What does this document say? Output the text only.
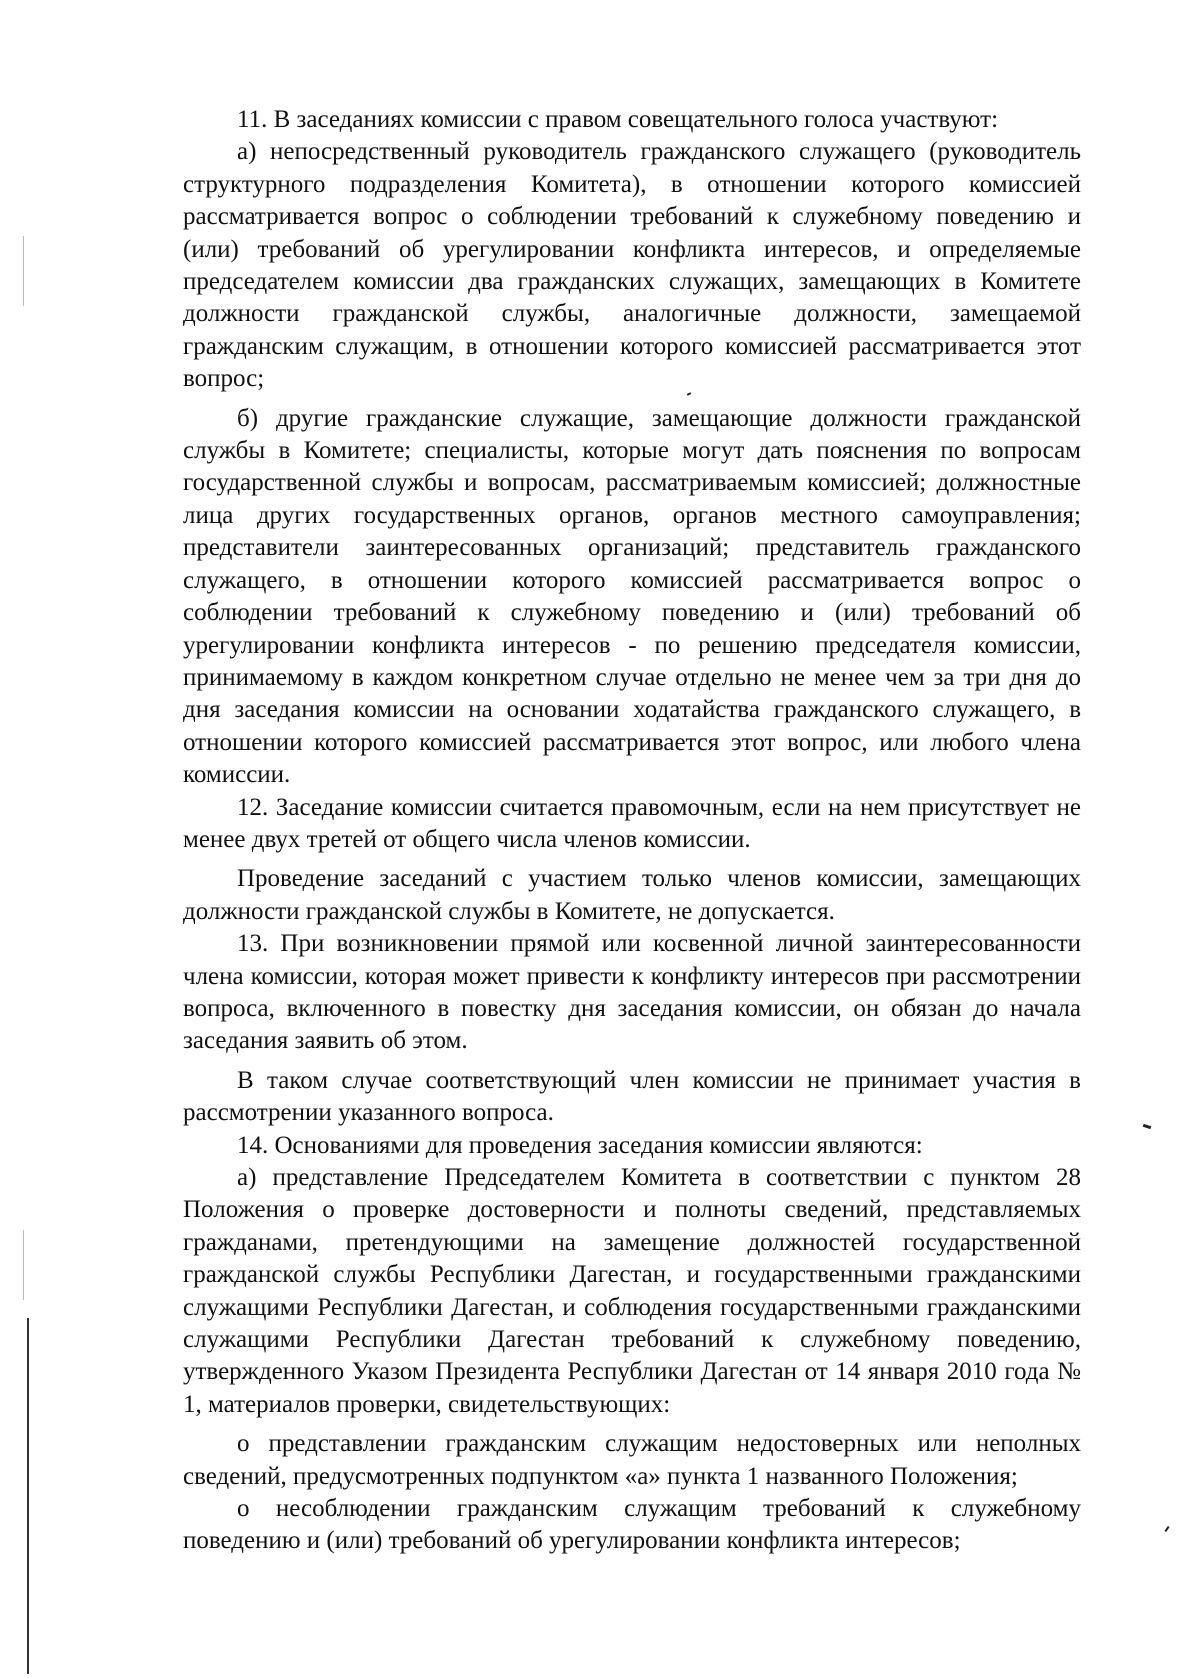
11. В заседаниях комиссии с правом совещательного голоса участвуют:

а) непосредственный руководитель гражданского служащего (руководитель структурного подразделения Комитета), в отношении которого комиссией рассматривается вопрос о соблюдении требований к служебному поведению и (или) требований об урегулировании конфликта интересов, и определяемые председателем комиссии два гражданских служащих, замещающих в Комитете должности гражданской службы, аналогичные должности, замещаемой гражданским служащим, в отношении которого комиссией рассматривается этот вопрос;

б) другие гражданские служащие, замещающие должности гражданской службы в Комитете; специалисты, которые могут дать пояснения по вопросам государственной службы и вопросам, рассматриваемым комиссией; должностные лица других государственных органов, органов местного самоуправления; представители заинтересованных организаций; представитель гражданского служащего, в отношении которого комиссией рассматривается вопрос о соблюдении требований к служебному поведению и (или) требований об урегулировании конфликта интересов - по решению председателя комиссии, принимаемому в каждом конкретном случае отдельно не менее чем за три дня до дня заседания комиссии на основании ходатайства гражданского служащего, в отношении которого комиссией рассматривается этот вопрос, или любого члена комиссии.

12. Заседание комиссии считается правомочным, если на нем присутствует не менее двух третей от общего числа членов комиссии.

Проведение заседаний с участием только членов комиссии, замещающих должности гражданской службы в Комитете, не допускается.

13. При возникновении прямой или косвенной личной заинтересованности члена комиссии, которая может привести к конфликту интересов при рассмотрении вопроса, включенного в повестку дня заседания комиссии, он обязан до начала заседания заявить об этом.

В таком случае соответствующий член комиссии не принимает участия в рассмотрении указанного вопроса.

14. Основаниями для проведения заседания комиссии являются:

а) представление Председателем Комитета в соответствии с пунктом 28 Положения о проверке достоверности и полноты сведений, представляемых гражданами, претендующими на замещение должностей государственной гражданской службы Республики Дагестан, и государственными гражданскими служащими Республики Дагестан, и соблюдения государственными гражданскими служащими Республики Дагестан требований к служебному поведению, утвержденного Указом Президента Республики Дагестан от 14 января 2010 года № 1, материалов проверки, свидетельствующих:

о представлении гражданским служащим недостоверных или неполных сведений, предусмотренных подпунктом «а» пункта 1 названного Положения;

о несоблюдении гражданским служащим требований к служебному поведению и (или) требований об урегулировании конфликта интересов;
